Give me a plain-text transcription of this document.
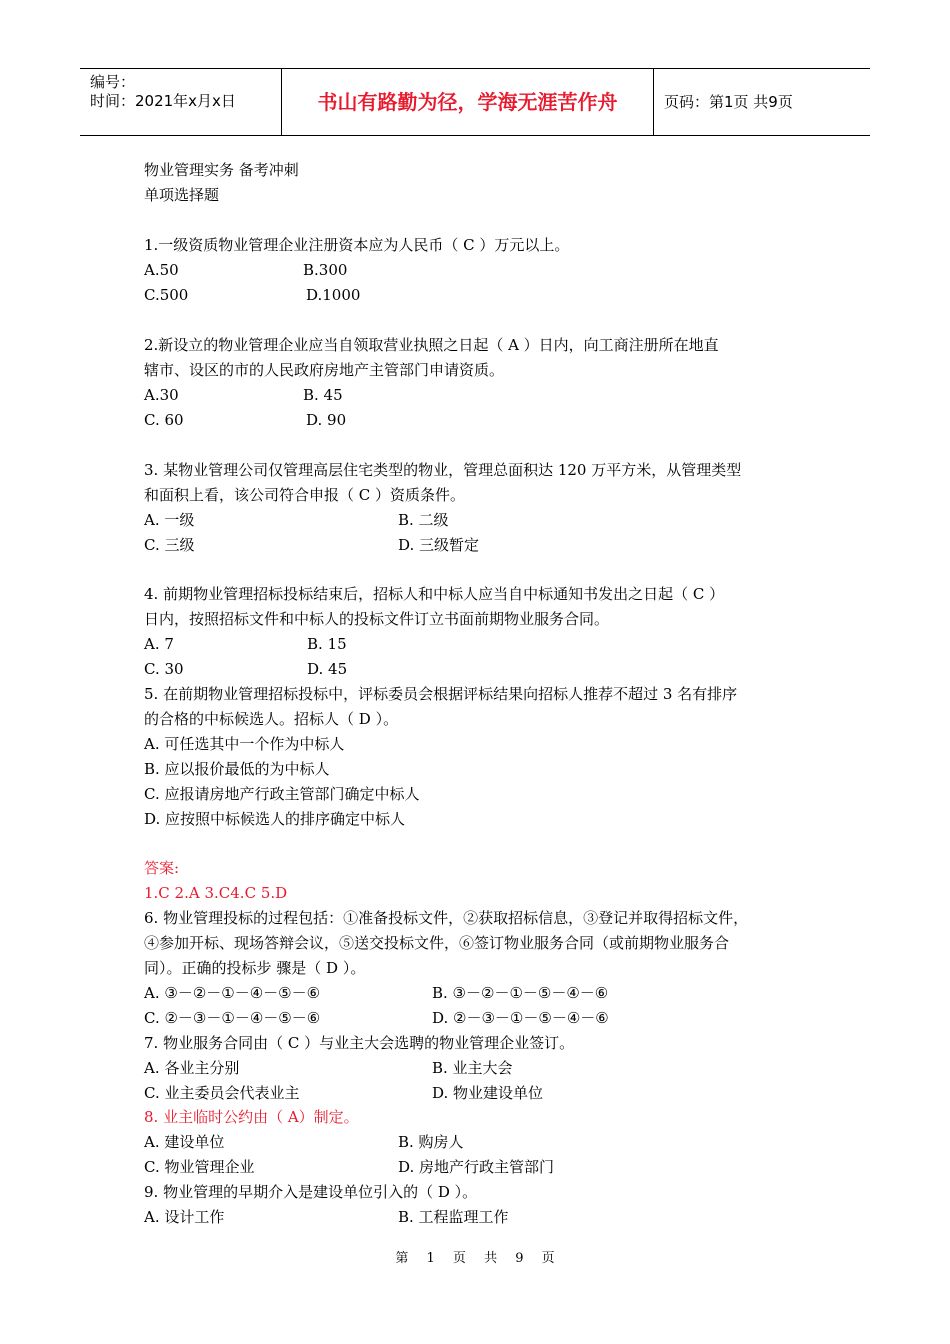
编号：
时间：2021年x月x日	书山有路勤为径，学海无涯苦作舟	页码：第1页 共9页
物业管理实务 备考冲刺
单项选择题
1.一级资质物业管理企业注册资本应为人民币（ C ）万元以上。
A.50	B.300
C.500	D.1000
2.新设立的物业管理企业应当自领取营业执照之日起（ A ）日内，向工商注册所在地直
辖市、设区的市的人民政府房地产主管部门申请资质。
A.30	B. 45
C. 60	D. 90
3. 某物业管理公司仅管理高层住宅类型的物业，管理总面积达 120 万平方米，从管理类型
和面积上看，该公司符合申报（ C ）资质条件。
A. 一级	B. 二级
C. 三级	D. 三级暂定
4. 前期物业管理招标投标结束后，招标人和中标人应当自中标通知书发出之日起（ C ）
日内，按照招标文件和中标人的投标文件订立书面前期物业服务合同。
A. 7	B. 15
C. 30	D. 45
5. 在前期物业管理招标投标中，评标委员会根据评标结果向招标人推荐不超过 3 名有排序
的合格的中标候选人。招标人（ D ）。
A. 可任选其中一个作为中标人
B. 应以报价最低的为中标人
C. 应报请房地产行政主管部门确定中标人
D. 应按照中标候选人的排序确定中标人
答案:
1.C 2.A 3.C4.C 5.D
6. 物业管理投标的过程包括：①准备投标文件，②获取招标信息，③登记并取得招标文件，
④参加开标、现场答辩会议，⑤送交投标文件，⑥签订物业服务合同（或前期物业服务合
同）。正确的投标步 骤是（ D ）。
A. ③－②－①－④－⑤－⑥	B. ③－②－①－⑤－④－⑥
C. ②－③－①－④－⑤－⑥	D. ②－③－①－⑤－④－⑥
7. 物业服务合同由（ C ）与业主大会选聘的物业管理企业签订。
A. 各业主分别	B. 业主大会
C. 业主委员会代表业主	D. 物业建设单位
8. 业主临时公约由（ A）制定。
A. 建设单位	B. 购房人
C. 物业管理企业	D. 房地产行政主管部门
9. 物业管理的早期介入是建设单位引入的（ D ）。
A. 设计工作	B. 工程监理工作
第 1 页 共 9 页
